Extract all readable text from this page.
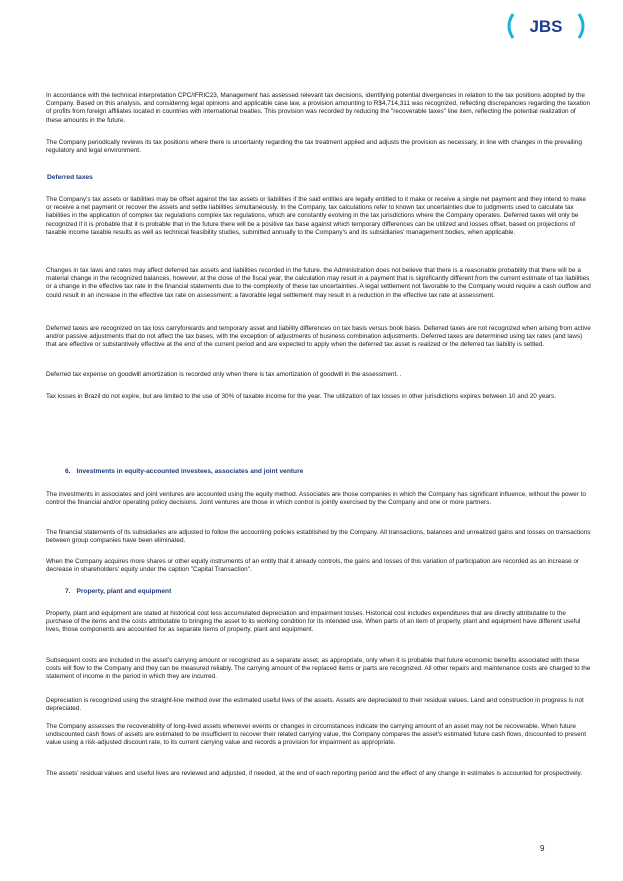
JBS

In accordance with the technical interpretation CPC/IFRIC23, Management has assessed relevant tax decisions, identifying potential divergences in relation to the tax positions adopted by the Company. Based on this analysis, and considering legal opinions and applicable case law, a provision amounting to R$4,714,311 was recognized, reflecting discrepancies regarding the taxation of profits from foreign affiliates located in countries with international treaties. This provision was recorded by reducing the "recoverable taxes" line item, reflecting the potential realization of these amounts in the future.

The Company periodically reviews its tax positions where there is uncertainty regarding the tax treatment applied and adjusts the provision as necessary, in line with changes in the prevailing regulatory and legal environment.

Deferred taxes

The Company's tax assets or liabilities may be offset against the tax assets or liabilities if the said entities are legally entitled to it make or receive a single net payment and they intend to make or receive a net payment or recover the assets and settle liabilities simultaneously. In the Company, tax calculations refer to known tax uncertainties due to judgments used to calculate tax liabilities in the application of complex tax regulations complex tax regulations, which are constantly evolving in the tax jurisdictions where the Company operates. Deferred taxes will only be recognized if it is probable that it is probable that in the future there will be a positive tax base against which temporary differences can be utilized and losses offset, based on projections of taxable income taxable results as well as technical feasibility studies, submitted annually to the Company's and its subsidiaries' management bodies, when applicable.

Changes in tax laws and rates may affect deferred tax assets and liabilities recorded in the future. the Administration does not believe that there is a reasonable probability that there will be a material change in the recognized balances, however, at the close of the fiscal year, the calculation may result in a payment that is significantly different from the current estimate of tax liabilities or a change in the effective tax rate in the financial statements due to the complexity of these tax uncertainties. A legal settlement not favorable to the Company would require a cash outflow and could result in an increase in the effective tax rate on assessment; a favorable legal settlement may result in a reduction in the effective tax rate at assessment.

Deferred taxes are recognized on tax loss carryforwards and temporary asset and liability differences on tax basis versus book basis. Deferred taxes are not recognized when arising from active and/or passive adjustments that do not affect the tax bases, with the exception of adjustments of business combination adjustments. Deferred taxes are determined using tax rates (and laws) that are effective or substantively effective at the end of the current period and are expected to apply when the deferred tax asset is realized or the deferred tax liability is settled.

Deferred tax expense on goodwill amortization is recorded only when there is tax amortization of goodwill in the assessment. .

Tax losses in Brazil do not expire, but are limited to the use of 30% of taxable income for the year. The utilization of tax losses in other jurisdictions expires between 10 and 20 years.

6. Investments in equity-accounted investees, associates and joint venture

The investments in associates and joint ventures are accounted using the equity method. Associates are those companies in which the Company has significant influence, without the power to control the financial and/or operating policy decisions. Joint ventures are those in which control is jointly exercised by the Company and one or more partners.

The financial statements of its subsidiaries are adjusted to follow the accounting policies established by the Company. All transactions, balances and unrealized gains and losses on transactions between group companies have been eliminated.

When the Company acquires more shares or other equity instruments of an entity that it already controls, the gains and losses of this variation of participation are recorded as an increase or decrease in shareholders' equity under the caption "Capital Transaction".

7. Property, plant and equipment

Property, plant and equipment are stated at historical cost less accumulated depreciation and impairment losses. Historical cost includes expenditures that are directly attributable to the purchase of the items and the costs attributable to bringing the asset to its working condition for its intended use. When parts of an item of property, plant and equipment have different useful lives, those components are accounted for as separate items of property, plant and equipment.

Subsequent costs are included in the asset's carrying amount or recognized as a separate asset, as appropriate, only when it is probable that future economic benefits associated with these costs will flow to the Company and they can be measured reliably. The carrying amount of the replaced items or parts are recognized. All other repairs and maintenance costs are charged to the statement of income in the period in which they are incurred.

Depreciation is recognized using the straight-line method over the estimated useful lives of the assets. Assets are depreciated to their residual values. Land and construction in progress is not depreciated.

The Company assesses the recoverability of long-lived assets whenever events or changes in circumstances indicate the carrying amount of an asset may not be recoverable. When future undiscounted cash flows of assets are estimated to be insufficient to recover their related carrying value, the Company compares the asset's estimated future cash flows, discounted to present value using a risk-adjusted discount rate, to its current carrying value and records a provision for impairment as appropriate.

The assets' residual values and useful lives are reviewed and adjusted, if needed, at the end of each reporting period and the effect of any change in estimates is accounted for prospectively.

9
